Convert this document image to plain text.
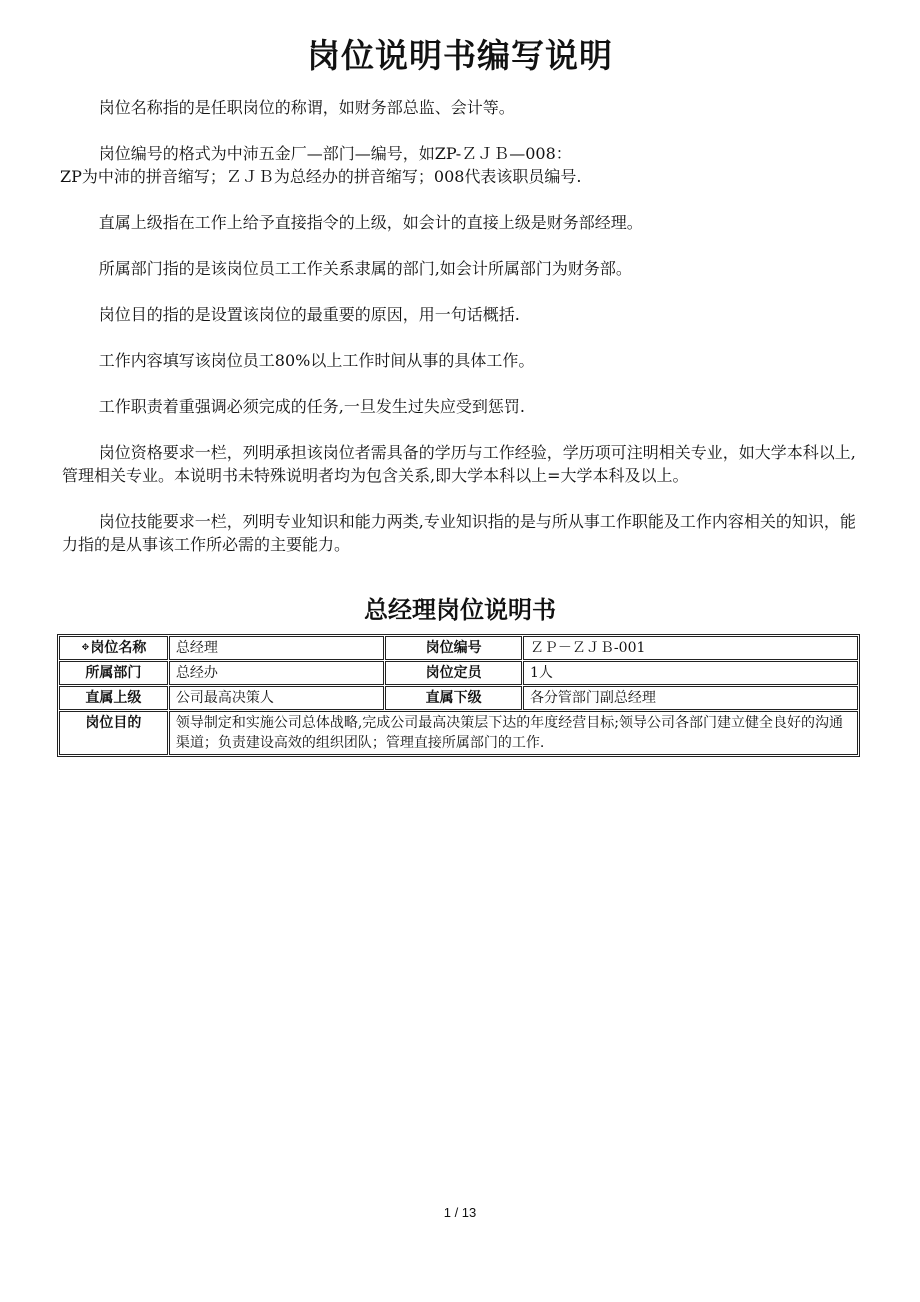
岗位说明书编写说明

岗位名称指的是任职岗位的称谓，如财务部总监、会计等。

岗位编号的格式为中沛五金厂—部门—编号，如ZP-ＺＪＢ—008：

ZP为中沛的拼音缩写；ＺＪＢ为总经办的拼音缩写；008代表该职员编号.

直属上级指在工作上给予直接指令的上级，如会计的直接上级是财务部经理。

所属部门指的是该岗位员工工作关系隶属的部门,如会计所属部门为财务部。

岗位目的指的是设置该岗位的最重要的原因，用一句话概括.

工作内容填写该岗位员工80%以上工作时间从事的具体工作。

工作职责着重强调必须完成的任务,一旦发生过失应受到惩罚.

岗位资格要求一栏，列明承担该岗位者需具备的学历与工作经验，学历项可注明相关专业，如大学本科以上,管理相关专业。本说明书未特殊说明者均为包含关系,即大学本科以上=大学本科及以上。

岗位技能要求一栏，列明专业知识和能力两类,专业知识指的是与所从事工作职能及工作内容相关的知识，能力指的是从事该工作所必需的主要能力。

总经理岗位说明书
✥岗位名称	总经理	岗位编号	ＺＰ－ＺＪＢ-001
所属部门	总经办	岗位定员	1人
直属上级	公司最高决策人	直属下级	各分管部门副总经理
岗位目的	领导制定和实施公司总体战略,完成公司最高决策层下达的年度经营目标;领导公司各部门建立健全良好的沟通渠道；负责建设高效的组织团队；管理直接所属部门的工作.		
1 / 13
